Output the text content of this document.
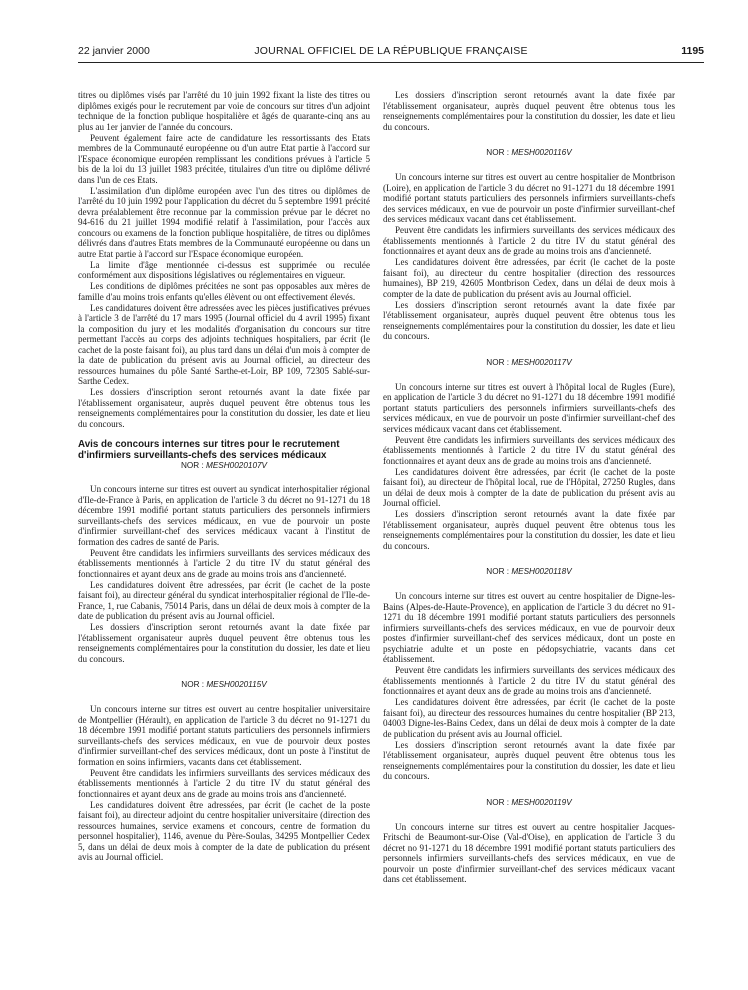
22 janvier 2000	JOURNAL OFFICIEL DE LA RÉPUBLIQUE FRANÇAISE	1195

titres ou diplômes visés par l'arrêté du 10 juin 1992 fixant la liste des titres ou diplômes exigés pour le recrutement par voie de concours sur titres d'un adjoint technique de la fonction publique hospitalière et âgés de quarante-cinq ans au plus au 1er janvier de l'année du concours.

Peuvent également faire acte de candidature les ressortissants des Etats membres de la Communauté européenne ou d'un autre Etat partie à l'accord sur l'Espace économique européen remplissant les conditions prévues à l'article 5 bis de la loi du 13 juillet 1983 précitée, titulaires d'un titre ou diplôme délivré dans l'un de ces Etats.

L'assimilation d'un diplôme européen avec l'un des titres ou diplômes de l'arrêté du 10 juin 1992 pour l'application du décret du 5 septembre 1991 précité devra préalablement être reconnue par la commission prévue par le décret no 94-616 du 21 juillet 1994 modifié relatif à l'assimilation, pour l'accès aux concours ou examens de la fonction publique hospitalière, de titres ou diplômes délivrés dans d'autres Etats membres de la Communauté européenne ou dans un autre Etat partie à l'accord sur l'Espace économique européen.

La limite d'âge mentionnée ci-dessus est supprimée ou reculée conformément aux dispositions législatives ou réglementaires en vigueur.

Les conditions de diplômes précitées ne sont pas opposables aux mères de famille d'au moins trois enfants qu'elles élèvent ou ont effectivement élevés.

Les candidatures doivent être adressées avec les pièces justificatives prévues à l'article 3 de l'arrêté du 17 mars 1995 (Journal officiel du 4 avril 1995) fixant la composition du jury et les modalités d'organisation du concours sur titre permettant l'accès au corps des adjoints techniques hospitaliers, par écrit (le cachet de la poste faisant foi), au plus tard dans un délai d'un mois à compter de la date de publication du présent avis au Journal officiel, au directeur des ressources humaines du pôle Santé Sarthe-et-Loir, BP 109, 72305 Sablé-sur-Sarthe Cedex.

Les dossiers d'inscription seront retournés avant la date fixée par l'établissement organisateur, auprès duquel peuvent être obtenus tous les renseignements complémentaires pour la constitution du dossier, les date et lieu du concours.

Avis de concours internes sur titres pour le recrutement d'infirmiers surveillants-chefs des services médicaux

NOR : MESH0020107V

Un concours interne sur titres est ouvert au syndicat interhospitalier régional d'Ile-de-France à Paris, en application de l'article 3 du décret no 91-1271 du 18 décembre 1991 modifié portant statuts particuliers des personnels infirmiers surveillants-chefs des services médicaux, en vue de pourvoir un poste d'infirmier surveillant-chef des services médicaux vacant à l'institut de formation des cadres de santé de Paris.

Peuvent être candidats les infirmiers surveillants des services médicaux des établissements mentionnés à l'article 2 du titre IV du statut général des fonctionnaires et ayant deux ans de grade au moins trois ans d'ancienneté.

Les candidatures doivent être adressées, par écrit (le cachet de la poste faisant foi), au directeur général du syndicat interhospitalier régional de l'Ile-de-France, 1, rue Cabanis, 75014 Paris, dans un délai de deux mois à compter de la date de publication du présent avis au Journal officiel.

Les dossiers d'inscription seront retournés avant la date fixée par l'établissement organisateur auprès duquel peuvent être obtenus tous les renseignements complémentaires pour la constitution du dossier, les date et lieu du concours.

NOR : MESH0020115V

Un concours interne sur titres est ouvert au centre hospitalier universitaire de Montpellier (Hérault), en application de l'article 3 du décret no 91-1271 du 18 décembre 1991 modifié portant statuts particuliers des personnels infirmiers surveillants-chefs des services médicaux, en vue de pourvoir deux postes d'infirmier surveillant-chef des services médicaux, dont un poste à l'institut de formation en soins infirmiers, vacants dans cet établissement.

Peuvent être candidats les infirmiers surveillants des services médicaux des établissements mentionnés à l'article 2 du titre IV du statut général des fonctionnaires et ayant deux ans de grade au moins trois ans d'ancienneté.

Les candidatures doivent être adressées, par écrit (le cachet de la poste faisant foi), au directeur adjoint du centre hospitalier universitaire (direction des ressources humaines, service examens et concours, centre de formation du personnel hospitalier), 1146, avenue du Père-Soulas, 34295 Montpellier Cedex 5, dans un délai de deux mois à compter de la date de publication du présent avis au Journal officiel.

Les dossiers d'inscription seront retournés avant la date fixée par l'établissement organisateur, auprès duquel peuvent être obtenus tous les renseignements complémentaires pour la constitution du dossier, les date et lieu du concours.

NOR : MESH0020116V

Un concours interne sur titres est ouvert au centre hospitalier de Montbrison (Loire), en application de l'article 3 du décret no 91-1271 du 18 décembre 1991 modifié portant statuts particuliers des personnels infirmiers surveillants-chefs des services médicaux, en vue de pourvoir un poste d'infirmier surveillant-chef des services médicaux vacant dans cet établissement.

Peuvent être candidats les infirmiers surveillants des services médicaux des établissements mentionnés à l'article 2 du titre IV du statut général des fonctionnaires et ayant deux ans de grade au moins trois ans d'ancienneté.

Les candidatures doivent être adressées, par écrit (le cachet de la poste faisant foi), au directeur du centre hospitalier (direction des ressources humaines), BP 219, 42605 Montbrison Cedex, dans un délai de deux mois à compter de la date de publication du présent avis au Journal officiel.

Les dossiers d'inscription seront retournés avant la date fixée par l'établissement organisateur, auprès duquel peuvent être obtenus tous les renseignements complémentaires pour la constitution du dossier, les date et lieu du concours.

NOR : MESH0020117V

Un concours interne sur titres est ouvert à l'hôpital local de Rugles (Eure), en application de l'article 3 du décret no 91-1271 du 18 décembre 1991 modifié portant statuts particuliers des personnels infirmiers surveillants-chefs des services médicaux, en vue de pourvoir un poste d'infirmier surveillant-chef des services médicaux vacant dans cet établissement.

Peuvent être candidats les infirmiers surveillants des services médicaux des établissements mentionnés à l'article 2 du titre IV du statut général des fonctionnaires et ayant deux ans de grade au moins trois ans d'ancienneté.

Les candidatures doivent être adressées, par écrit (le cachet de la poste faisant foi), au directeur de l'hôpital local, rue de l'Hôpital, 27250 Rugles, dans un délai de deux mois à compter de la date de publication du présent avis au Journal officiel.

Les dossiers d'inscription seront retournés avant la date fixée par l'établissement organisateur, auprès duquel peuvent être obtenus tous les renseignements complémentaires pour la constitution du dossier, les date et lieu du concours.

NOR : MESH0020118V

Un concours interne sur titres est ouvert au centre hospitalier de Digne-les-Bains (Alpes-de-Haute-Provence), en application de l'article 3 du décret no 91-1271 du 18 décembre 1991 modifié portant statuts particuliers des personnels infirmiers surveillants-chefs des services médicaux, en vue de pourvoir deux postes d'infirmier surveillant-chef des services médicaux, dont un poste en psychiatrie adulte et un poste en pédopsychiatrie, vacants dans cet établissement.

Peuvent être candidats les infirmiers surveillants des services médicaux des établissements mentionnés à l'article 2 du titre IV du statut général des fonctionnaires et ayant deux ans de grade au moins trois ans d'ancienneté.

Les candidatures doivent être adressées, par écrit (le cachet de la poste faisant foi), au directeur des ressources humaines du centre hospitalier (BP 213, 04003 Digne-les-Bains Cedex, dans un délai de deux mois à compter de la date de publication du présent avis au Journal officiel.

Les dossiers d'inscription seront retournés avant la date fixée par l'établissement organisateur, auprès duquel peuvent être obtenus tous les renseignements complémentaires pour la constitution du dossier, les date et lieu du concours.

NOR : MESH0020119V

Un concours interne sur titres est ouvert au centre hospitalier Jacques-Fritschi de Beaumont-sur-Oise (Val-d'Oise), en application de l'article 3 du décret no 91-1271 du 18 décembre 1991 modifié portant statuts particuliers des personnels infirmiers surveillants-chefs des services médicaux, en vue de pourvoir un poste d'infirmier surveillant-chef des services médicaux vacant dans cet établissement.
